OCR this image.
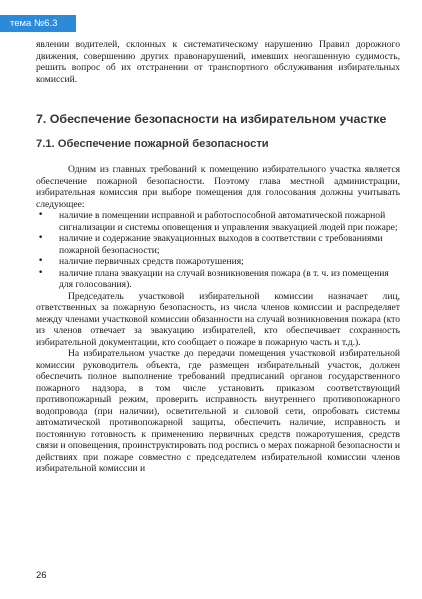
тема №6.3

явлении водителей, склонных к систематическому нарушению Правил дорожного движения, совершению других правонарушений, имевших неогашенную судимость, решить вопрос об их отстранении от транспортного обслуживания избирательных комиссий.

7. Обеспечение безопасности на избирательном участке
7.1. Обеспечение пожарной безопасности

Одним из главных требований к помещению избирательного участка является обеспечение пожарной безопасности. Поэтому глава местной администрации, избирательная комиссия при выборе помещения для голосования должны учитывать следующее:

• наличие в помещении исправной и работоспособной автоматической пожарной сигнализации и системы оповещения и управления эвакуацией людей при пожаре;
• наличие и содержание эвакуационных выходов в соответствии с требованиями пожарной безопасности;
• наличие первичных средств пожаротушения;
• наличие плана эвакуации на случай возникновения пожара (в т. ч. из помещения для голосования).

Председатель участковой избирательной комиссии назначает лиц, ответственных за пожарную безопасность, из числа членов комиссии и распределяет между членами участковой комиссии обязанности на случай возникновения пожара (кто из членов отвечает за эвакуацию избирателей, кто обеспечивает сохранность избирательной документации, кто сообщает о пожаре в пожарную часть и т.д.).

На избирательном участке до передачи помещения участковой избирательной комиссии руководитель объекта, где размещен избирательный участок, должен обеспечить полное выполнение требований предписаний органов государственного пожарного надзора, в том числе установить приказом соответствующий противопожарный режим, проверить исправность внутреннего противопожарного водопровода (при наличии), осветительной и силовой сети, опробовать системы автоматической противопожарной защиты, обеспечить наличие, исправность и постоянную готовность к применению первичных средств пожаротушения, средств связи и оповещения, проинструктировать под роспись о мерах пожарной безопасности и действиях при пожаре совместно с председателем избирательной комиссии членов избирательной комиссии и

26
